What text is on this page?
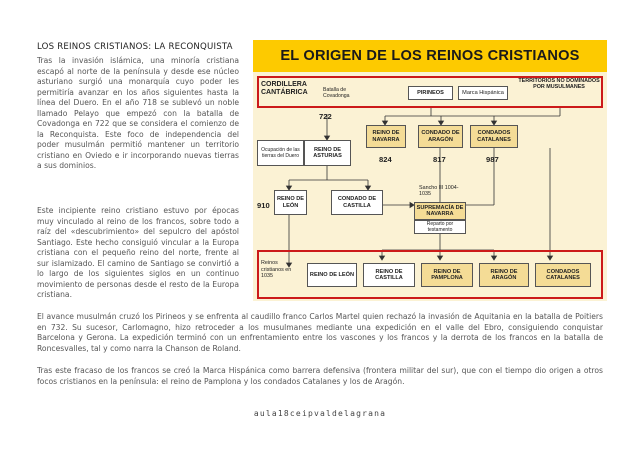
LOS REINOS CRISTIANOS: LA RECONQUISTA
Tras la invasión islámica, una minoría cristiana escapó al norte de la península y desde ese núcleo asturiano surgió una monarquía cuyo poder les permitiría avanzar en los años siguientes hasta la línea del Duero. En el año 718 se sublevó un noble llamado Pelayo que empezó con la batalla de Covadonga en 722 que se considera el comienzo de la Reconquista. Este foco de independencia del poder musulmán permitió mantener un territorio cristiano en Oviedo e ir incorporando nuevas tierras a sus dominios.
Este incipiente reino cristiano estuvo por épocas muy vinculado al reino de los francos, sobre todo a raíz del «descubrimiento» del sepulcro del apóstol Santiago. Este hecho consiguió vincular a la Europa cristiana con el pequeño reino del norte, frente al sur islamizado. El camino de Santiago se convirtió a lo largo de los siguientes siglos en un continuo movimiento de personas desde el resto de la Europa cristiana.
El avance musulmán cruzó los Pirineos y se enfrenta al caudillo franco Carlos Martel quien rechazó la invasión de Aquitania en la batalla de Poitiers en 732. Su sucesor, Carlomagno, hizo retroceder a los musulmanes mediante una expedición en el valle del Ebro, consiguiendo conquistar Barcelona y Gerona. La expedición terminó con un enfrentamiento entre los vascones y los francos y la derrota de los francos en la batalla de Roncesvalles, tal y como narra la Chanson de Roland.
Tras este fracaso de los francos se creó la Marca Hispánica como barrera defensiva (frontera militar del sur), que con el tiempo dio origen a otros focos cristianos en la península: el reino de Pamplona y los condados Catalanes y los de Aragón.
EL ORIGEN DE LOS REINOS CRISTIANOS
CORDILLERA CANTÁBRICA	Batalla de Covadonga
PIRINEOS	Marca Hispánica
TERRITORIOS NO DOMINADOS POR MUSULMANES
722
Ocupación de las tierras del Duero
REINO DE ASTURIAS
REINO DE NAVARRA
CONDADO DE ARAGÓN
CONDADOS CATALANES
824	817	987
910
REINO DE LEÓN
CONDADO DE CASTILLA
Sancho III 1004-1035
SUPREMACÍA DE NAVARRA
Reparto por testamento
Reinos cristianos en 1035	REINO DE LEÓN
REINO DE CASTILLA
REINO DE PAMPLONA
REINO DE ARAGÓN
CONDADOS CATALANES
aula18ceipvaldelagrana
